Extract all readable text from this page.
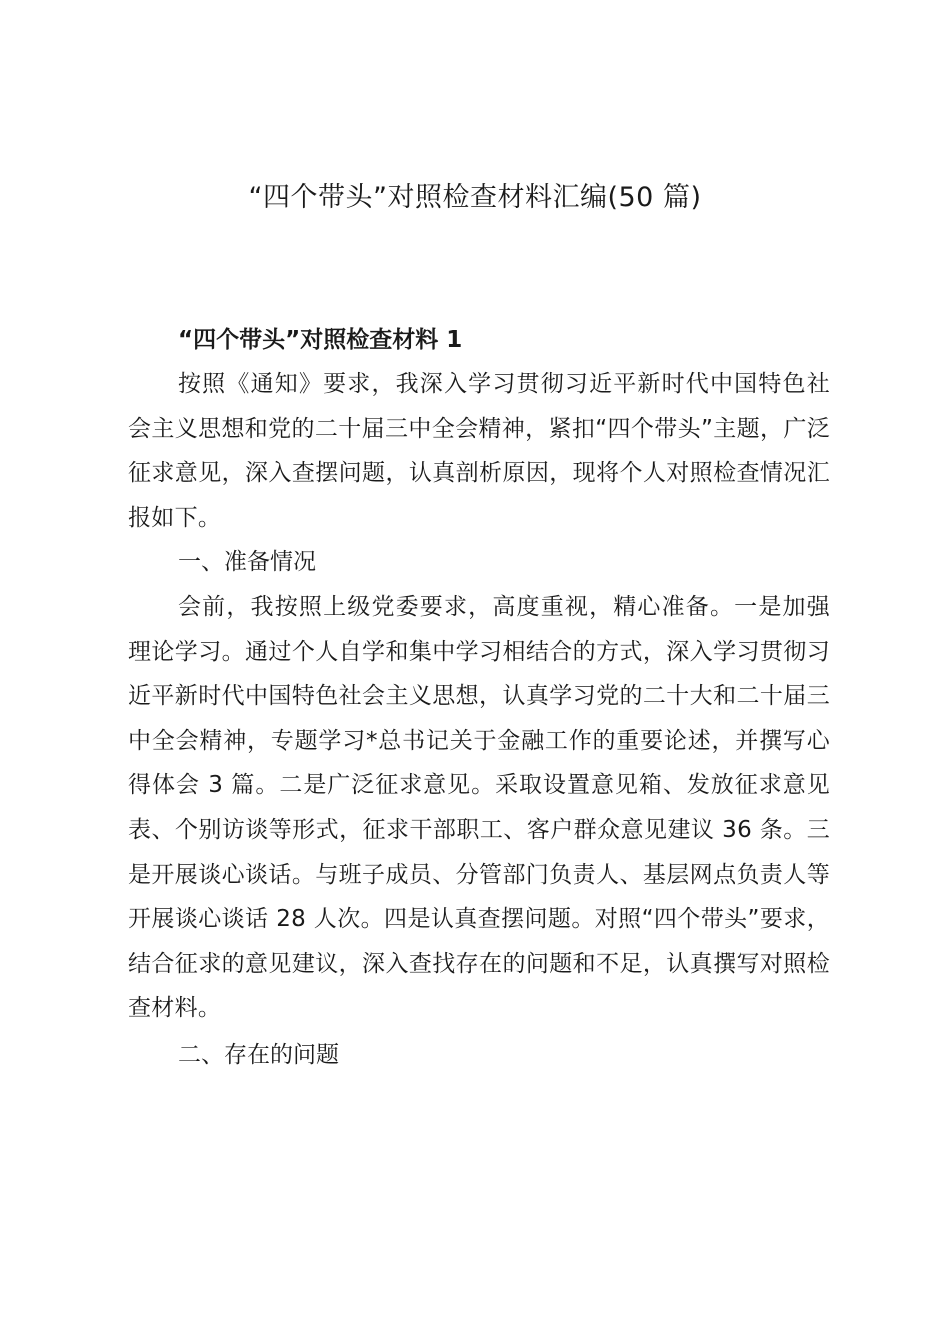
“四个带头”对照检查材料汇编(50 篇)

“四个带头”对照检查材料 1

按照《通知》要求，我深入学习贯彻习近平新时代中国特色社会主义思想和党的二十届三中全会精神，紧扣“四个带头”主题，广泛征求意见，深入查摆问题，认真剖析原因，现将个人对照检查情况汇报如下。

一、准备情况

会前，我按照上级党委要求，高度重视，精心准备。一是加强理论学习。通过个人自学和集中学习相结合的方式，深入学习贯彻习近平新时代中国特色社会主义思想，认真学习党的二十大和二十届三中全会精神，专题学习*总书记关于金融工作的重要论述，并撰写心得体会 3 篇。二是广泛征求意见。采取设置意见箱、发放征求意见表、个别访谈等形式，征求干部职工、客户群众意见建议 36 条。三是开展谈心谈话。与班子成员、分管部门负责人、基层网点负责人等开展谈心谈话 28 人次。四是认真查摆问题。对照“四个带头”要求，结合征求的意见建议，深入查找存在的问题和不足，认真撰写对照检查材料。

二、存在的问题
